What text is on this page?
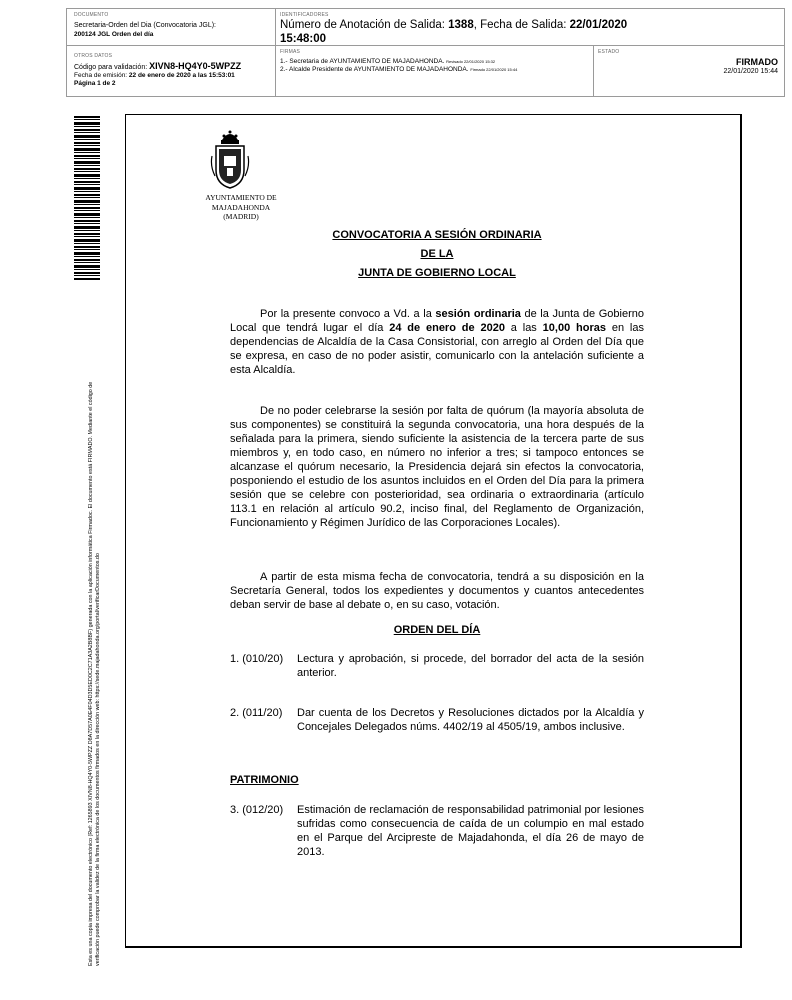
DOCUMENTO
Secretaria-Orden del Dia (Convocatoria JGL):
200124 JGL Orden del día
IDENTIFICADORES
Número de Anotación de Salida: 1388, Fecha de Salida: 22/01/2020
15:48:00
OTROS DATOS
Código para validación: XIVN8-HQ4Y0-5WPZZ
Fecha de emisión: 22 de enero de 2020 a las 15:53:01
Página 1 de 2
FIRMAS
1.- Secretaria de AYUNTAMIENTO DE MAJADAHONDA. Revisado 22/01/2020 15:32
2.- Alcalde Presidente de AYUNTAMIENTO DE MAJADAHONDA. Firmado 22/01/2020 15:44
ESTADO
FIRMADO
22/01/2020 15:44
Esta es una copia impresa del documento electrónico (Ref: 1265893 XIVN8-HQ4Y0-5WPZZ D8A7D57A0E4F04D3D5ED0C2C71A3A2B8BF) generada con la aplicación informática Firmadoc. El documento está FIRMADO. Mediante el código de verificación puede comprobar la validez de la firma electrónica de los documentos firmados en la dirección web: https://sede.majadahonda.org/portal/verificarDocumentos.do
AYUNTAMIENTO DE
MAJADAHONDA
(MADRID)
CONVOCATORIA A SESIÓN ORDINARIA
DE LA
JUNTA DE GOBIERNO LOCAL
Por la presente convoco a Vd. a la sesión ordinaria de la Junta de Gobierno Local que tendrá lugar el día 24 de enero de 2020 a las 10,00 horas en las dependencias de Alcaldía de la Casa Consistorial, con arreglo al Orden del Día que se expresa, en caso de no poder asistir, comunicarlo con la antelación suficiente a esta Alcaldía.
De no poder celebrarse la sesión por falta de quórum (la mayoría absoluta de sus componentes) se constituirá la segunda convocatoria, una hora después de la señalada para la primera, siendo suficiente la asistencia de la tercera parte de sus miembros y, en todo caso, en número no inferior a tres; si tampoco entonces se alcanzase el quórum necesario, la Presidencia dejará sin efectos la convocatoria, posponiendo el estudio de los asuntos incluidos en el Orden del Día para la primera sesión que se celebre con posterioridad, sea ordinaria o extraordinaria (artículo 113.1 en relación al artículo 90.2, inciso final, del Reglamento de Organización, Funcionamiento y Régimen Jurídico de las Corporaciones Locales).
A partir de esta misma fecha de convocatoria, tendrá a su disposición en la Secretaría General, todos los expedientes y documentos y cuantos antecedentes deban servir de base al debate o, en su caso, votación.
ORDEN DEL DÍA
1. (010/20) Lectura y aprobación, si procede, del borrador del acta de la sesión anterior.
2. (011/20) Dar cuenta de los Decretos y Resoluciones dictados por la Alcaldía y Concejales Delegados núms. 4402/19 al 4505/19, ambos inclusive.
PATRIMONIO
3. (012/20) Estimación de reclamación de responsabilidad patrimonial por lesiones sufridas como consecuencia de caída de un columpio en mal estado en el Parque del Arcipreste de Majadahonda, el día 26 de mayo de 2013.
